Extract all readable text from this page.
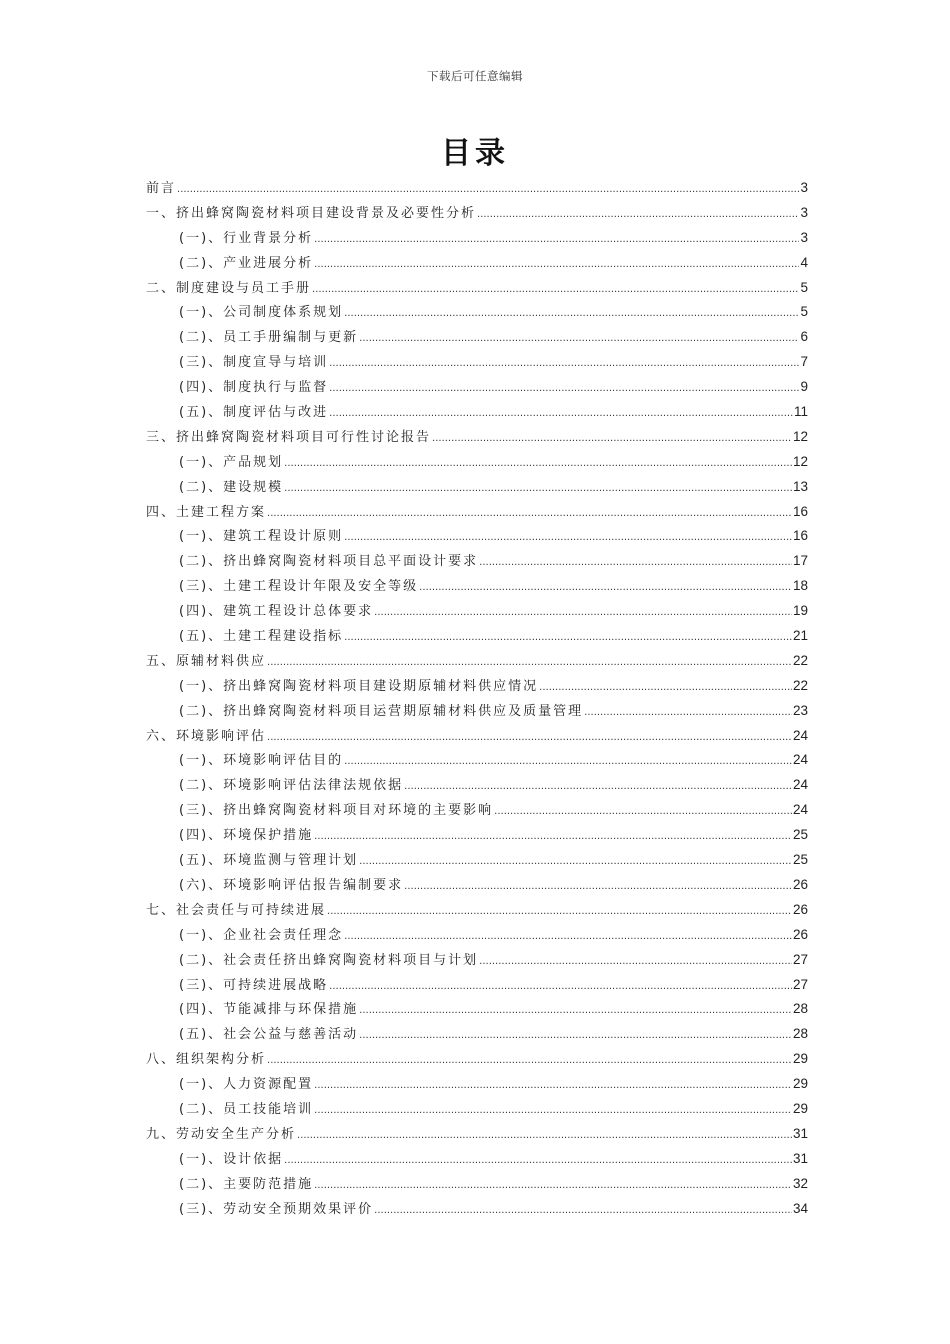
下载后可任意编辑
目录
前言 .....	3
一、挤出蜂窝陶瓷材料项目建设背景及必要性分析 .....	3
(一)、行业背景分析 .....	3
(二)、产业进展分析 .....	4
二、制度建设与员工手册 .....	5
(一)、公司制度体系规划 .....	5
(二)、员工手册编制与更新 .....	6
(三)、制度宣导与培训 .....	7
(四)、制度执行与监督 .....	9
(五)、制度评估与改进 .....	11
三、挤出蜂窝陶瓷材料项目可行性讨论报告 .....	12
(一)、产品规划 .....	12
(二)、建设规模 .....	13
四、土建工程方案 .....	16
(一)、建筑工程设计原则 .....	16
(二)、挤出蜂窝陶瓷材料项目总平面设计要求 .....	17
(三)、土建工程设计年限及安全等级 .....	18
(四)、建筑工程设计总体要求 .....	19
(五)、土建工程建设指标 .....	21
五、原辅材料供应 .....	22
(一)、挤出蜂窝陶瓷材料项目建设期原辅材料供应情况 .....	22
(二)、挤出蜂窝陶瓷材料项目运营期原辅材料供应及质量管理 .....	23
六、环境影响评估 .....	24
(一)、环境影响评估目的 .....	24
(二)、环境影响评估法律法规依据 .....	24
(三)、挤出蜂窝陶瓷材料项目对环境的主要影响 .....	24
(四)、环境保护措施 .....	25
(五)、环境监测与管理计划 .....	25
(六)、环境影响评估报告编制要求 .....	26
七、社会责任与可持续进展 .....	26
(一)、企业社会责任理念 .....	26
(二)、社会责任挤出蜂窝陶瓷材料项目与计划 .....	27
(三)、可持续进展战略 .....	27
(四)、节能减排与环保措施 .....	28
(五)、社会公益与慈善活动 .....	28
八、组织架构分析 .....	29
(一)、人力资源配置 .....	29
(二)、员工技能培训 .....	29
九、劳动安全生产分析 .....	31
(一)、设计依据 .....	31
(二)、主要防范措施 .....	32
(三)、劳动安全预期效果评价 .....	34
